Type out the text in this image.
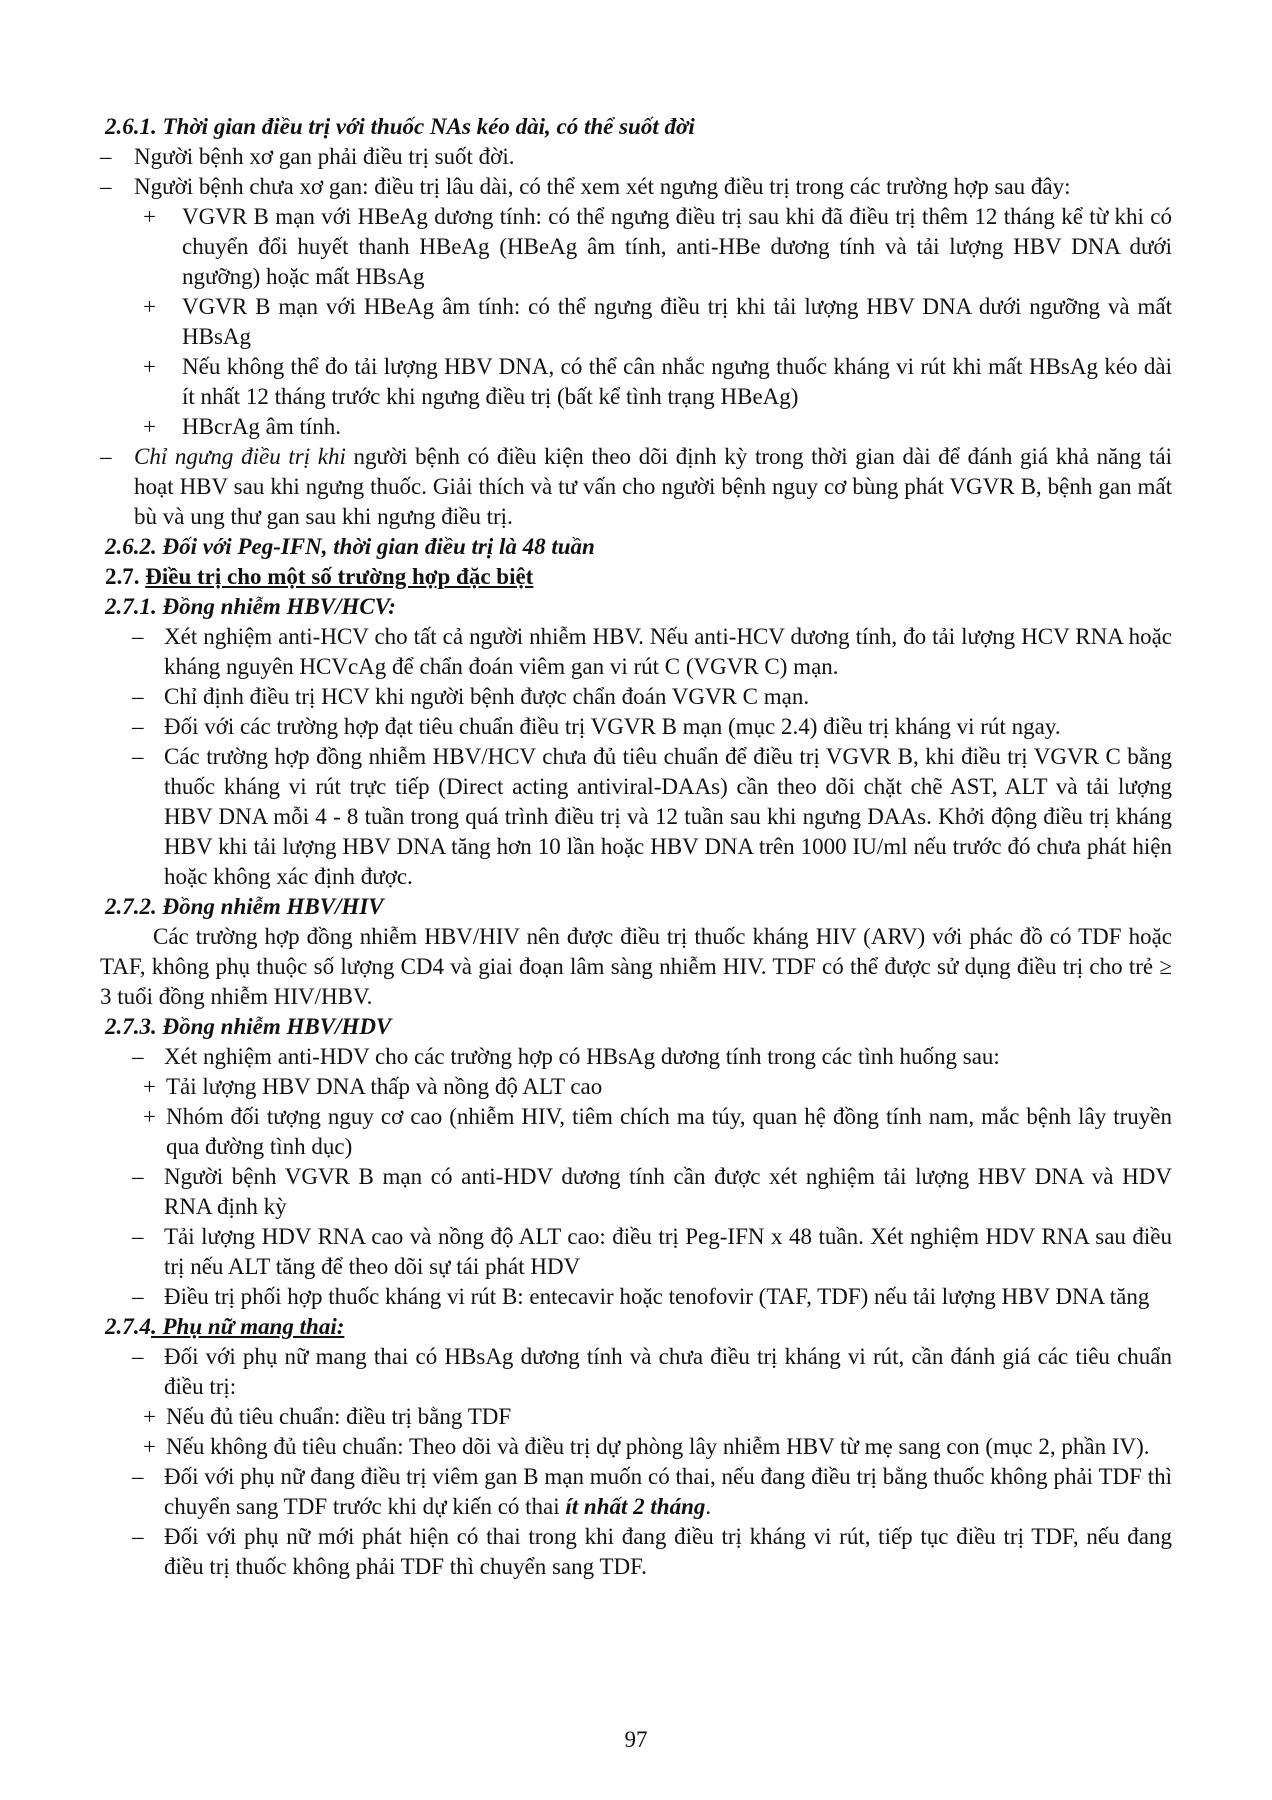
2.6.1. Thời gian điều trị với thuốc NAs kéo dài, có thể suốt đời

– Người bệnh xơ gan phải điều trị suốt đời.
– Người bệnh chưa xơ gan: điều trị lâu dài, có thể xem xét ngưng điều trị trong các trường hợp sau đây:
+ VGVR B mạn với HBeAg dương tính: có thể ngưng điều trị sau khi đã điều trị thêm 12 tháng kể từ khi có chuyển đổi huyết thanh HBeAg (HBeAg âm tính, anti-HBe dương tính và tải lượng HBV DNA dưới ngưỡng) hoặc mất HBsAg
+ VGVR B mạn với HBeAg âm tính: có thể ngưng điều trị khi tải lượng HBV DNA dưới ngưỡng và mất HBsAg
+ Nếu không thể đo tải lượng HBV DNA, có thể cân nhắc ngưng thuốc kháng vi rút khi mất HBsAg kéo dài ít nhất 12 tháng trước khi ngưng điều trị (bất kể tình trạng HBeAg)
+ HBcrAg âm tính.
– Chỉ ngưng điều trị khi người bệnh có điều kiện theo dõi định kỳ trong thời gian dài để đánh giá khả năng tái hoạt HBV sau khi ngưng thuốc. Giải thích và tư vấn cho người bệnh nguy cơ bùng phát VGVR B, bệnh gan mất bù và ung thư gan sau khi ngưng điều trị.

2.6.2. Đối với Peg-IFN, thời gian điều trị là 48 tuần

2.7. Điều trị cho một số trường hợp đặc biệt

2.7.1. Đồng nhiễm HBV/HCV:

– Xét nghiệm anti-HCV cho tất cả người nhiễm HBV. Nếu anti-HCV dương tính, đo tải lượng HCV RNA hoặc kháng nguyên HCVcAg để chẩn đoán viêm gan vi rút C (VGVR C) mạn.
– Chỉ định điều trị HCV khi người bệnh được chẩn đoán VGVR C mạn.
– Đối với các trường hợp đạt tiêu chuẩn điều trị VGVR B mạn (mục 2.4) điều trị kháng vi rút ngay.
– Các trường hợp đồng nhiễm HBV/HCV chưa đủ tiêu chuẩn để điều trị VGVR B, khi điều trị VGVR C bằng thuốc kháng vi rút trực tiếp (Direct acting antiviral-DAAs) cần theo dõi chặt chẽ AST, ALT và tải lượng HBV DNA mỗi 4 - 8 tuần trong quá trình điều trị và 12 tuần sau khi ngưng DAAs. Khởi động điều trị kháng HBV khi tải lượng HBV DNA tăng hơn 10 lần hoặc HBV DNA trên 1000 IU/ml nếu trước đó chưa phát hiện hoặc không xác định được.

2.7.2. Đồng nhiễm HBV/HIV

Các trường hợp đồng nhiễm HBV/HIV nên được điều trị thuốc kháng HIV (ARV) với phác đồ có TDF hoặc TAF, không phụ thuộc số lượng CD4 và giai đoạn lâm sàng nhiễm HIV. TDF có thể được sử dụng điều trị cho trẻ ≥ 3 tuổi đồng nhiễm HIV/HBV.

2.7.3. Đồng nhiễm HBV/HDV

– Xét nghiệm anti-HDV cho các trường hợp có HBsAg dương tính trong các tình huống sau:
+ Tải lượng HBV DNA thấp và nồng độ ALT cao
+ Nhóm đối tượng nguy cơ cao (nhiễm HIV, tiêm chích ma túy, quan hệ đồng tính nam, mắc bệnh lây truyền qua đường tình dục)
– Người bệnh VGVR B mạn có anti-HDV dương tính cần được xét nghiệm tải lượng HBV DNA và HDV RNA định kỳ
– Tải lượng HDV RNA cao và nồng độ ALT cao: điều trị Peg-IFN x 48 tuần. Xét nghiệm HDV RNA sau điều trị nếu ALT tăng để theo dõi sự tái phát HDV
– Điều trị phối hợp thuốc kháng vi rút B: entecavir hoặc tenofovir (TAF, TDF) nếu tải lượng HBV DNA tăng

2.7.4. Phụ nữ mang thai:

– Đối với phụ nữ mang thai có HBsAg dương tính và chưa điều trị kháng vi rút, cần đánh giá các tiêu chuẩn điều trị:
+ Nếu đủ tiêu chuẩn: điều trị bằng TDF
+ Nếu không đủ tiêu chuẩn: Theo dõi và điều trị dự phòng lây nhiễm HBV từ mẹ sang con (mục 2, phần IV).
– Đối với phụ nữ đang điều trị viêm gan B mạn muốn có thai, nếu đang điều trị bằng thuốc không phải TDF thì chuyển sang TDF trước khi dự kiến có thai ít nhất 2 tháng.
– Đối với phụ nữ mới phát hiện có thai trong khi đang điều trị kháng vi rút, tiếp tục điều trị TDF, nếu đang điều trị thuốc không phải TDF thì chuyển sang TDF.
97
